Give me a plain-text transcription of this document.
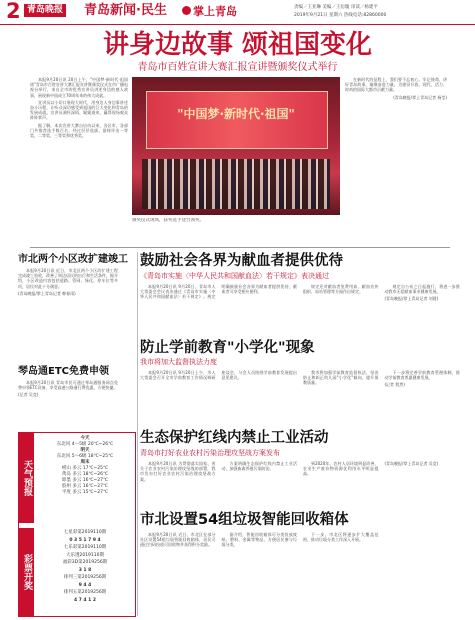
2 青岛晚报 青岛新闻·民生 掌上青岛	责编／王亚琳 美编／王衍璇 审读／杨建平
2019年9月21日 星期六 热线电话:82860000
讲身边故事 颂祖国变化
青岛市百姓宣讲大赛汇报宣讲暨颁奖仪式举行

本报9月20日讯 20日上午，"中国梦·新时代·祖国颂"青岛市百姓宣讲大赛汇报宣讲暨颁奖仪式在市广播电视台举行，来自全市的优秀宣讲员讲述身边的感人故事，展现新中国成立70周年来的伟大成就。

宣讲员以小切口展现大时代，用身边人身边事讲述奋斗历程，让听众深切感受到祖国的巨大变化和青岛的发展成就。宣讲员满怀深情、娓娓道来，赢得现场观众阵阵掌声。

据了解，本次宣讲大赛自启动以来，各区市、各部门共推荐选手数百名，经过层层选拔，最终评出一等奖、二等奖、三等奖和优秀奖。

"中国梦·新时代·祖国"
颁奖仪式现场，获奖选手登台领奖。

在新时代的征程上，我们要不忘初心、牢记使命，讲好青岛故事，凝聚奋进力量，为建设开放、现代、活力、时尚的国际大都市贡献力量。

(青岛晚报/掌上青岛记者 杨莹)

市北两个小区改扩建竣工

本报9月20日讯 近日，市北区两个小区改扩建工程完成竣工验收，改善了周边居民的出行和生活条件。据介绍，小区改造内容包括道路、管网、绿化、停车位等多项，居民对此十分满意。

(青岛晚报/掌上青岛记者 韩春雨)

琴岛通ETC免费申领

本报9月20日讯 青岛市民可通过琴岛通服务网点免费申领ETC设备，享受高速公路通行费优惠，方便快捷。

(记者 吴竞)

天气预报
彩票开奖
今天
东北风 4～5级 20℃~26℃
明天
东北风 5～6级 18℃~25℃
周末
崂山 多云 17℃~25℃
黄岛 多云 18℃~26℃
即墨 多云 16℃~27℃
胶州 多云 16℃~27℃
平度 多云 15℃~27℃
七星彩第2019110期
0 3 5 1 7 9 4
七乐彩第2019110期
大乐透2019110期
福彩3D第2019256期
3 1 8
排列三第2019256期
9 4 4
排列五第2019256期
4 7 4 1 2
鼓励社会各界为献血者提供优待
《青岛市实施〈中华人民共和国献血法〉若干规定》表决通过

本报9月20日讯 9月20日，青岛市人大常委会会议表决通过《青岛市实施〈中华人民共和国献血法〉若干规定》。规定明确鼓励社会各界为献血者提供优待，献血者可享受相应便利。

规定还对献血者免费用血、献血宣传组织、血站管理等方面作出规定。

规定自公布之日起施行，将进一步推动我市无偿献血事业健康发展。

(青岛晚报/掌上青岛记者 刘建)

防止学前教育"小学化"现象
我市将加大监督执法力度

本报9月20日讯 9月20日上午，市人大常委会召开全市学前教育工作情况调研座谈会，与会人员围绕学前教育发展提出意见建议。

我市将加强学前教育监督执法，坚决防止和纠正幼儿园"小学化"倾向，提升保教质量。

下一步将完善学前教育管理体制，推动学前教育普惠健康发展。

(记者 程然)

生态保护红线内禁止工业活动
青岛市打好农业农村污染治理攻坚战方案发布

本报9月20日讯 为贯彻落实国家、省关于农业农村污染治理攻坚战的部署，我市发布打好农业农村污染治理攻坚战方案。

方案明确生态保护红线内禁止工业活动，加强畜禽养殖污染防治。

到2020年，农村人居环境明显改善，农业生产废弃物资源化利用水平明显提高。

(青岛晚报/掌上青岛记者 吴竞)

市北设置54组垃圾智能回收箱体

本报9月20日讯 近日，市北区在部分社区设置54组垃圾智能回收箱体，居民可通过扫码投放可回收物并获得积分奖励。

据介绍，智能回收箱体可分类投放废纸、塑料、金属等物品，方便居民参与垃圾分类。

下一步，市北区将逐步扩大覆盖范围，推动垃圾分类工作深入开展。
